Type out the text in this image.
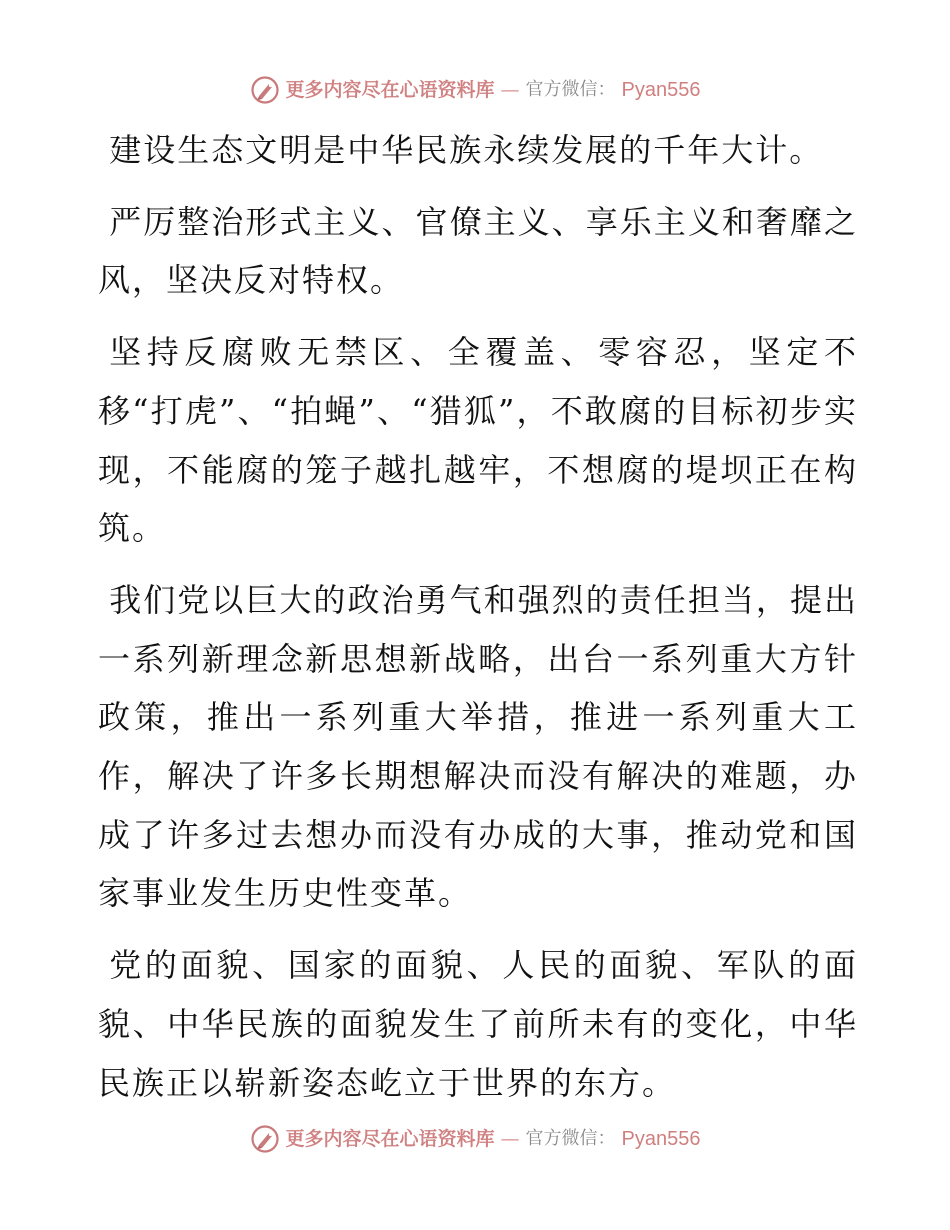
更多内容尽在心语资料库 — 官方微信： Pyan556

建设生态文明是中华民族永续发展的千年大计。

严厉整治形式主义、官僚主义、享乐主义和奢靡之风，坚决反对特权。

坚持反腐败无禁区、全覆盖、零容忍，坚定不移“打虎”、“拍蝇”、“猎狐”，不敢腐的目标初步实现，不能腐的笼子越扎越牢，不想腐的堤坝正在构筑。

我们党以巨大的政治勇气和强烈的责任担当，提出一系列新理念新思想新战略，出台一系列重大方针政策，推出一系列重大举措，推进一系列重大工作，解决了许多长期想解决而没有解决的难题，办成了许多过去想办而没有办成的大事，推动党和国家事业发生历史性变革。

党的面貌、国家的面貌、人民的面貌、军队的面貌、中华民族的面貌发生了前所未有的变化，中华民族正以崭新姿态屹立于世界的东方。

更多内容尽在心语资料库 — 官方微信： Pyan556
